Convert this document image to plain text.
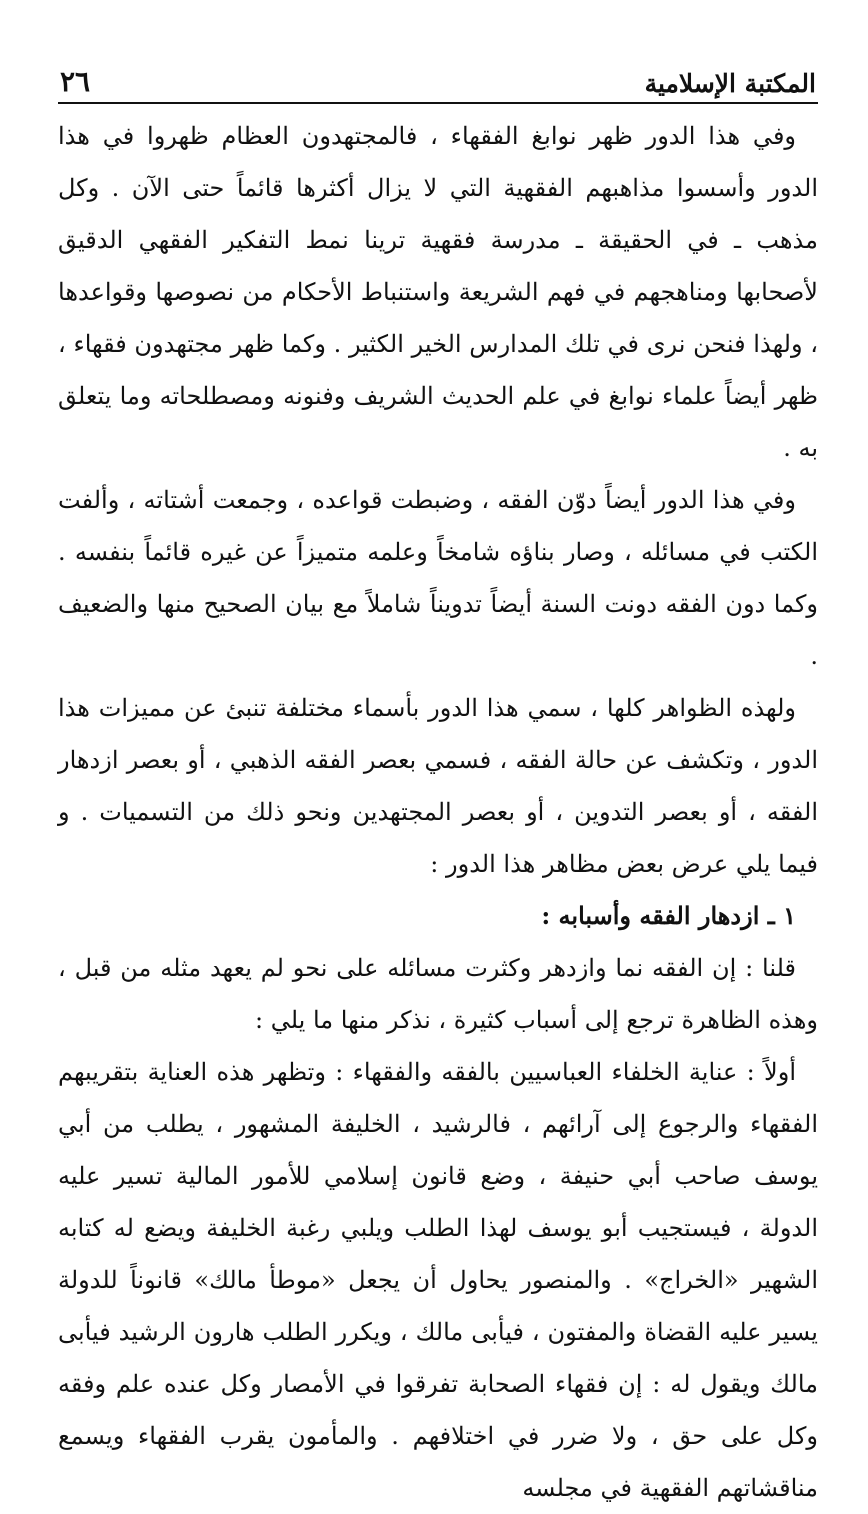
المكتبة الإسلامية
٢٦

وفي هذا الدور ظهر نوابغ الفقهاء ، فالمجتهدون العظام ظهروا في هذا الدور وأسسوا مذاهبهم الفقهية التي لا يزال أكثرها قائماً حتى الآن . وكل مذهب ـ في الحقيقة ـ مدرسة فقهية ترينا نمط التفكير الفقهي الدقيق لأصحابها ومناهجهم في فهم الشريعة واستنباط الأحكام من نصوصها وقواعدها ، ولهذا فنحن نرى في تلك المدارس الخير الكثير . وكما ظهر مجتهدون فقهاء ، ظهر أيضاً علماء نوابغ في علم الحديث الشريف وفنونه ومصطلحاته وما يتعلق به .

وفي هذا الدور أيضاً دوّن الفقه ، وضبطت قواعده ، وجمعت أشتاته ، وألفت الكتب في مسائله ، وصار بناؤه شامخاً وعلمه متميزاً عن غيره قائماً بنفسه . وكما دون الفقه دونت السنة أيضاً تدويناً شاملاً مع بيان الصحيح منها والضعيف .

ولهذه الظواهر كلها ، سمي هذا الدور بأسماء مختلفة تنبئ عن مميزات هذا الدور ، وتكشف عن حالة الفقه ، فسمي بعصر الفقه الذهبي ، أو بعصر ازدهار الفقه ، أو بعصر التدوين ، أو بعصر المجتهدين ونحو ذلك من التسميات . و فيما يلي عرض بعض مظاهر هذا الدور :

١ ـ ازدهار الفقه وأسبابه :

قلنا : إن الفقه نما وازدهر وكثرت مسائله على نحو لم يعهد مثله من قبل ، وهذه الظاهرة ترجع إلى أسباب كثيرة ، نذكر منها ما يلي :

أولاً : عناية الخلفاء العباسيين بالفقه والفقهاء : وتظهر هذه العناية بتقريبهم الفقهاء والرجوع إلى آرائهم ، فالرشيد ، الخليفة المشهور ، يطلب من أبي يوسف صاحب أبي حنيفة ، وضع قانون إسلامي للأمور المالية تسير عليه الدولة ، فيستجيب أبو يوسف لهذا الطلب ويلبي رغبة الخليفة ويضع له كتابه الشهير «الخراج» . والمنصور يحاول أن يجعل «موطأ مالك» قانوناً للدولة يسير عليه القضاة والمفتون ، فيأبى مالك ، ويكرر الطلب هارون الرشيد فيأبى مالك ويقول له : إن فقهاء الصحابة تفرقوا في الأمصار وكل عنده علم وفقه وكل على حق ، ولا ضرر في اختلافهم . والمأمون يقرب الفقهاء ويسمع مناقشاتهم الفقهية في مجلسه
